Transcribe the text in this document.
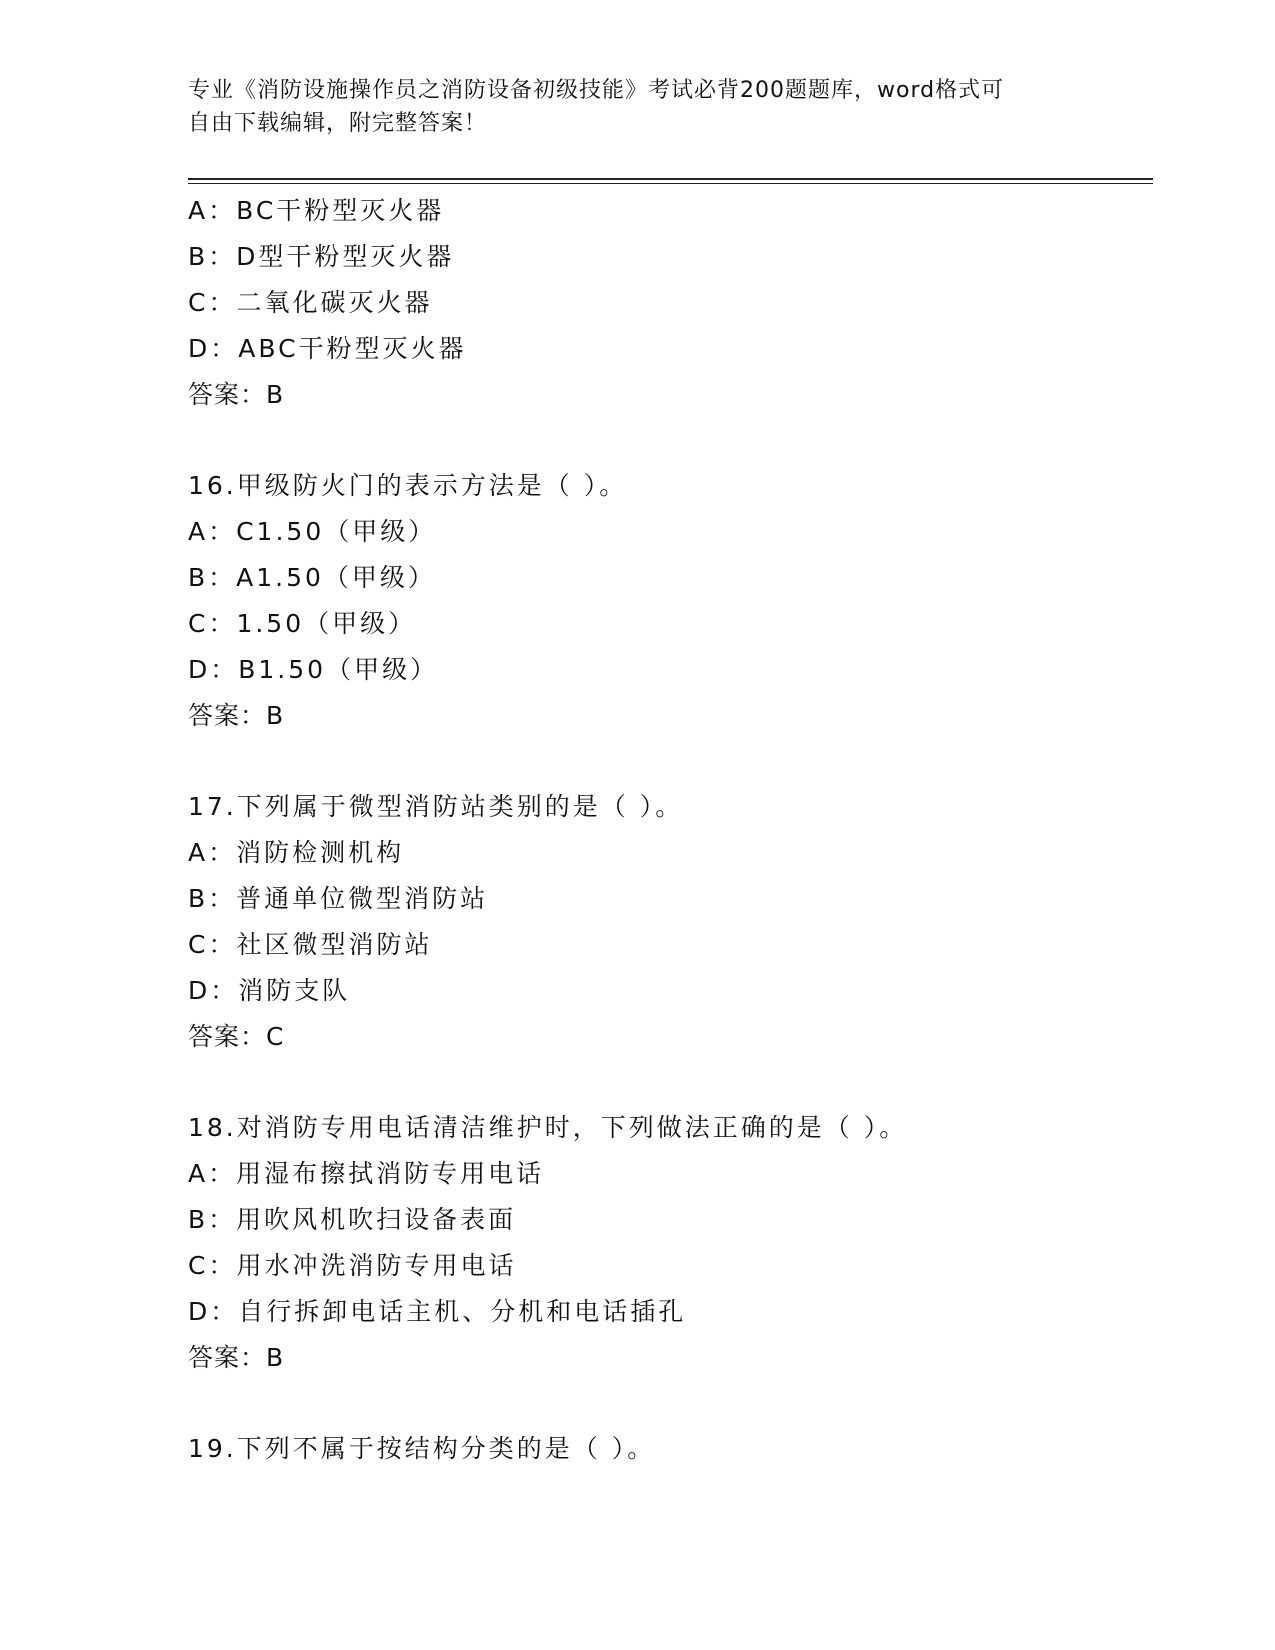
专业《消防设施操作员之消防设备初级技能》考试必背200题题库，word格式可
自由下载编辑，附完整答案！
A：BC干粉型灭火器
B：D型干粉型灭火器
C：二氧化碳灭火器
D：ABC干粉型灭火器
答案：B
16.甲级防火门的表示方法是（ ）。
A：C1.50（甲级）
B：A1.50（甲级）
C：1.50（甲级）
D：B1.50（甲级）
答案：B
17.下列属于微型消防站类别的是（ ）。
A：消防检测机构
B：普通单位微型消防站
C：社区微型消防站
D：消防支队
答案：C
18.对消防专用电话清洁维护时，下列做法正确的是（ ）。
A：用湿布擦拭消防专用电话
B：用吹风机吹扫设备表面
C：用水冲洗消防专用电话
D：自行拆卸电话主机、分机和电话插孔
答案：B
19.下列不属于按结构分类的是（ ）。
